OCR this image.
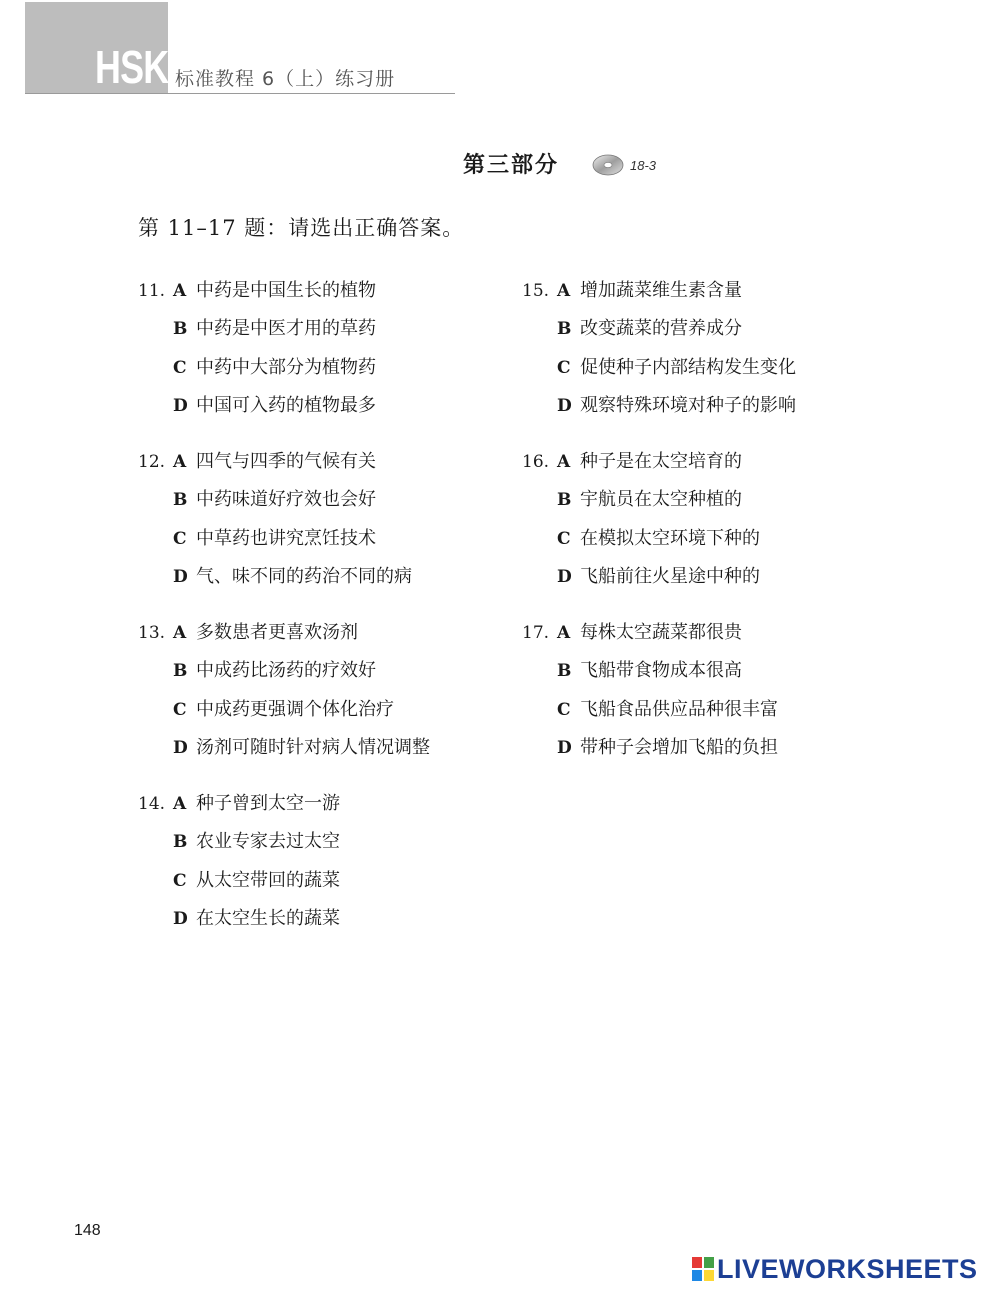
HSK 标准教程 6（上）练习册
第三部分	18-3
第 11–17 题：请选出正确答案。
11. A 中药是中国生长的植物
B 中药是中医才用的草药
C 中药中大部分为植物药
D 中国可入药的植物最多
12. A 四气与四季的气候有关
B 中药味道好疗效也会好
C 中草药也讲究烹饪技术
D 气、味不同的药治不同的病
13. A 多数患者更喜欢汤剂
B 中成药比汤药的疗效好
C 中成药更强调个体化治疗
D 汤剂可随时针对病人情况调整
14. A 种子曾到太空一游
B 农业专家去过太空
C 从太空带回的蔬菜
D 在太空生长的蔬菜
15. A 增加蔬菜维生素含量
B 改变蔬菜的营养成分
C 促使种子内部结构发生变化
D 观察特殊环境对种子的影响
16. A 种子是在太空培育的
B 宇航员在太空种植的
C 在模拟太空环境下种的
D 飞船前往火星途中种的
17. A 每株太空蔬菜都很贵
B 飞船带食物成本很高
C 飞船食品供应品种很丰富
D 带种子会增加飞船的负担
148
LIVEWORKSHEETS
